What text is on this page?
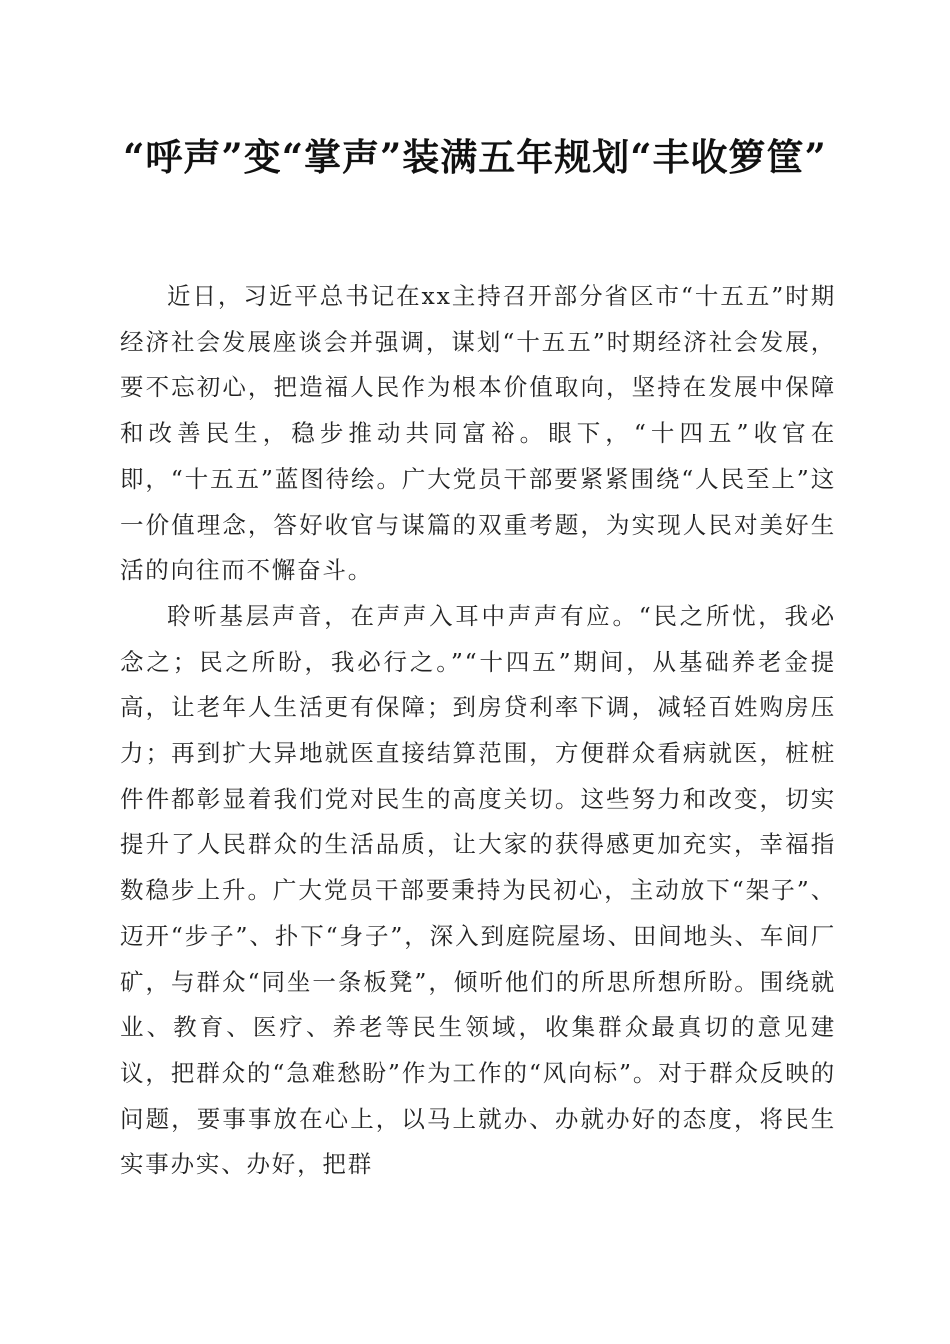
“呼声”变“掌声”装满五年规划“丰收箩筐”

近日，习近平总书记在xx主持召开部分省区市“十五五”时期经济社会发展座谈会并强调，谋划“十五五”时期经济社会发展，要不忘初心，把造福人民作为根本价值取向，坚持在发展中保障和改善民生，稳步推动共同富裕。眼下，“十四五”收官在即，“十五五”蓝图待绘。广大党员干部要紧紧围绕“人民至上”这一价值理念，答好收官与谋篇的双重考题，为实现人民对美好生活的向往而不懈奋斗。

聆听基层声音，在声声入耳中声声有应。“民之所忧，我必念之；民之所盼，我必行之。”“十四五”期间，从基础养老金提高，让老年人生活更有保障；到房贷利率下调，减轻百姓购房压力；再到扩大异地就医直接结算范围，方便群众看病就医，桩桩件件都彰显着我们党对民生的高度关切。这些努力和改变，切实提升了人民群众的生活品质，让大家的获得感更加充实，幸福指数稳步上升。广大党员干部要秉持为民初心，主动放下“架子”、迈开“步子”、扑下“身子”，深入到庭院屋场、田间地头、车间厂矿，与群众“同坐一条板凳”，倾听他们的所思所想所盼。围绕就业、教育、医疗、养老等民生领域，收集群众最真切的意见建议，把群众的“急难愁盼”作为工作的“风向标”。对于群众反映的问题，要事事放在心上，以马上就办、办就办好的态度，将民生实事办实、办好，把群
